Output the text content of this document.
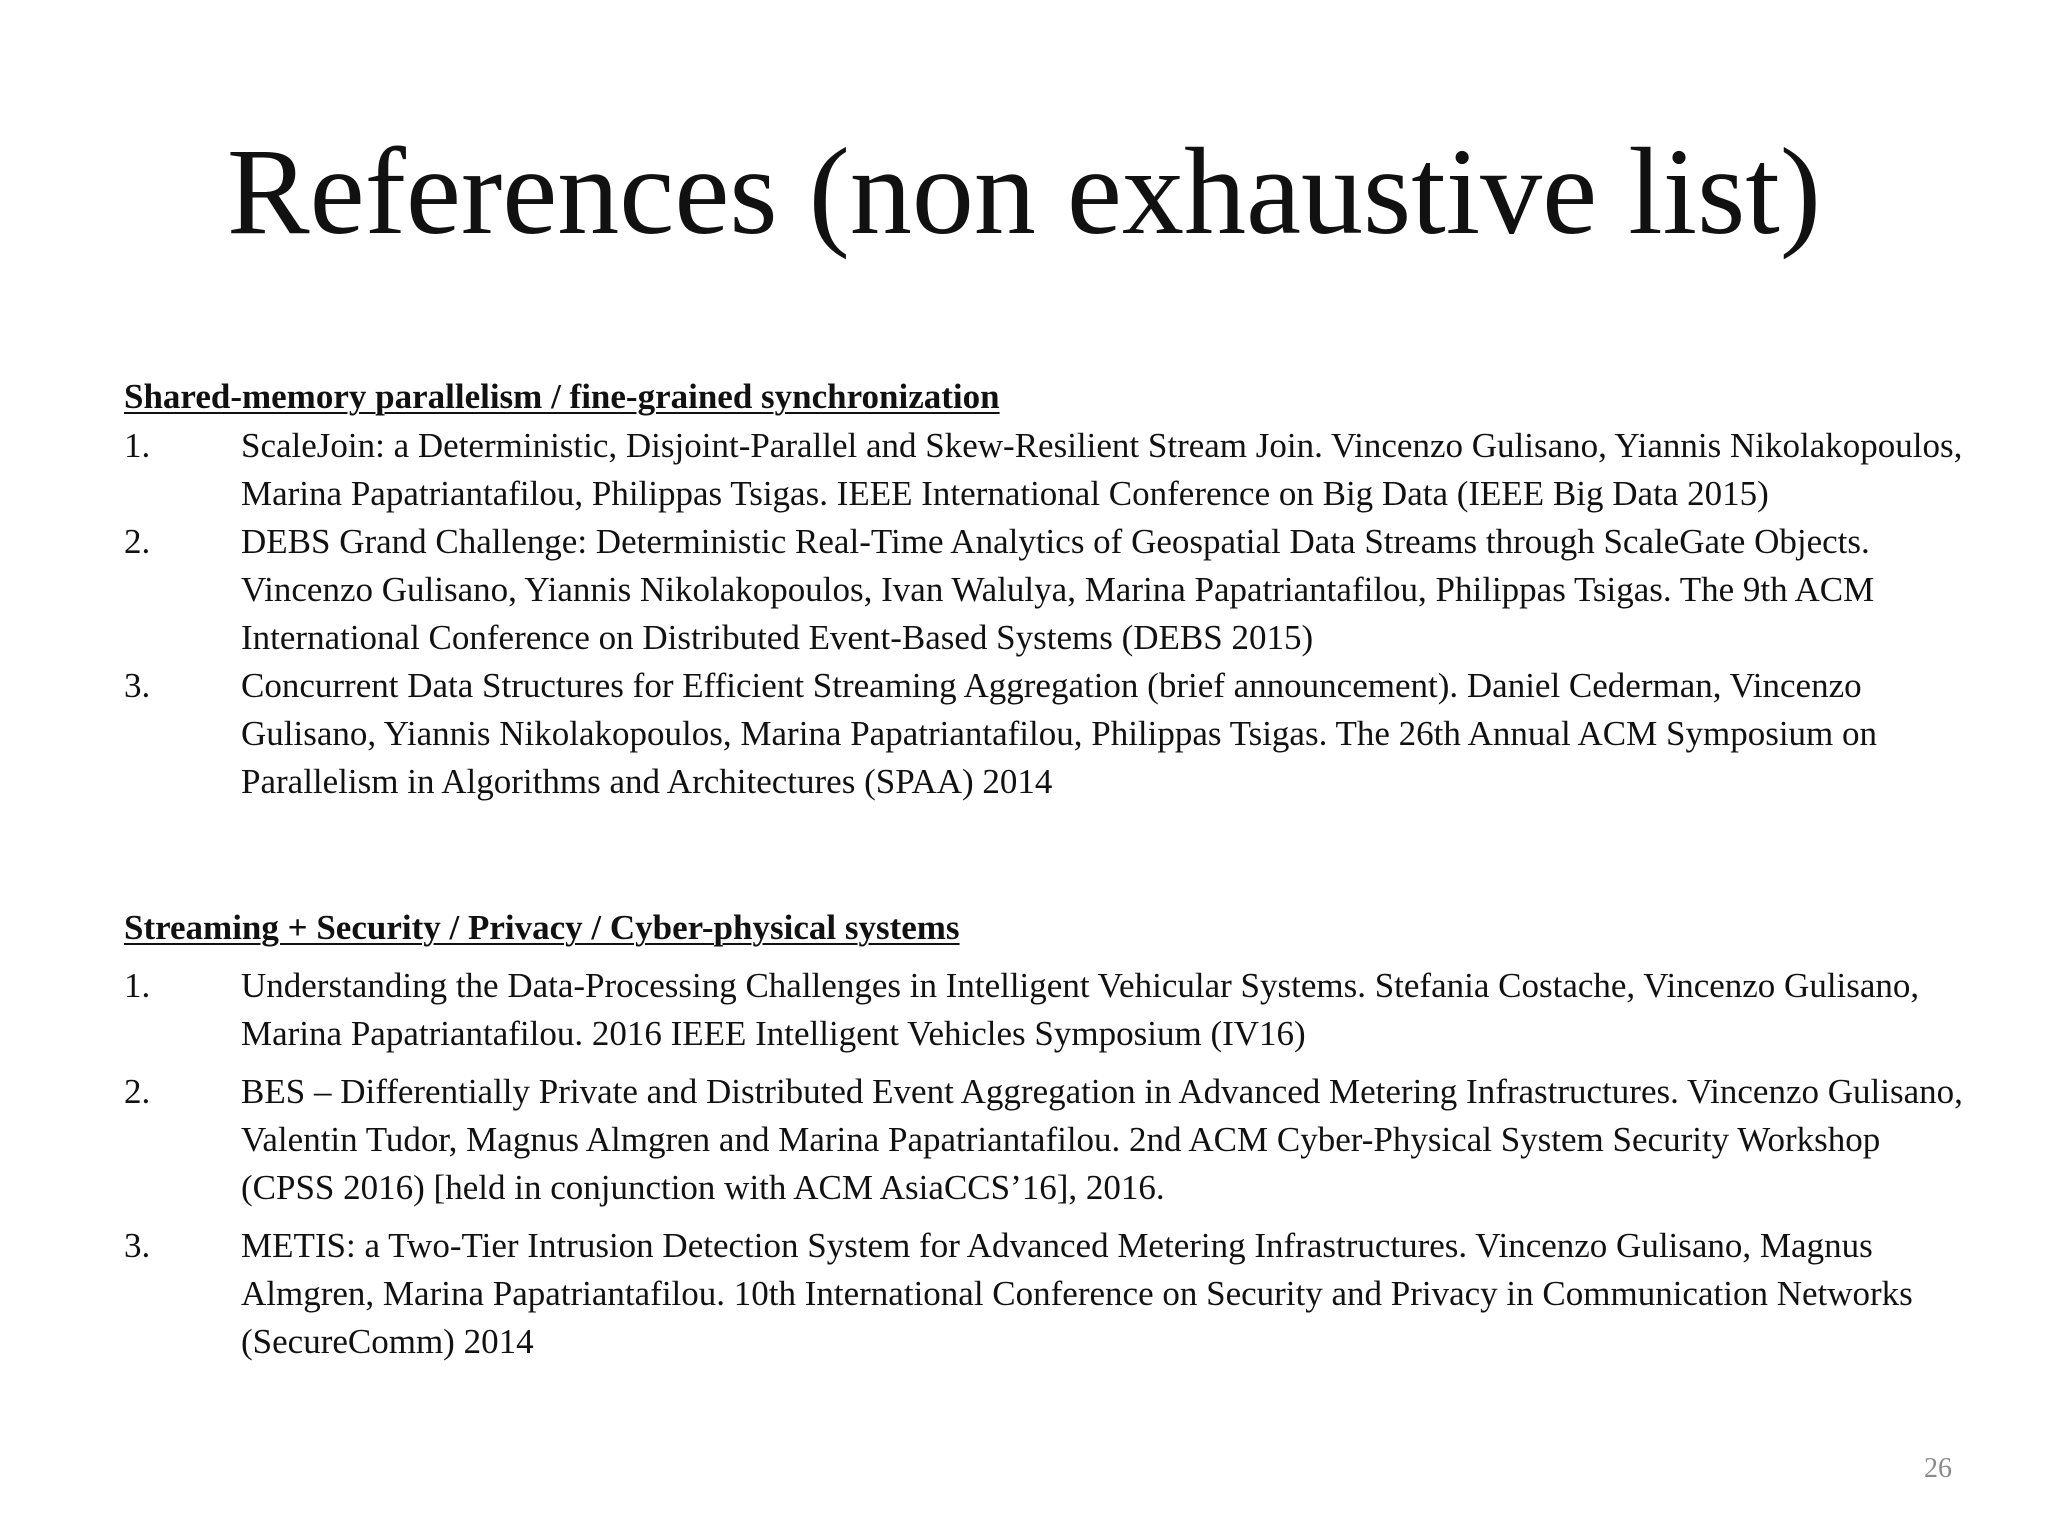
References (non exhaustive list)

Shared-memory parallelism / fine-grained synchronization

1.	ScaleJoin: a Deterministic, Disjoint-Parallel and Skew-Resilient Stream Join. Vincenzo Gulisano, Yiannis Nikolakopoulos, Marina Papatriantafilou, Philippas Tsigas. IEEE International Conference on Big Data (IEEE Big Data 2015)
2.	DEBS Grand Challenge: Deterministic Real-Time Analytics of Geospatial Data Streams through ScaleGate Objects. Vincenzo Gulisano, Yiannis Nikolakopoulos, Ivan Walulya, Marina Papatriantafilou, Philippas Tsigas. The 9th ACM International Conference on Distributed Event-Based Systems (DEBS 2015)
3.	Concurrent Data Structures for Efficient Streaming Aggregation (brief announcement). Daniel Cederman, Vincenzo Gulisano, Yiannis Nikolakopoulos, Marina Papatriantafilou, Philippas Tsigas. The 26th Annual ACM Symposium on Parallelism in Algorithms and Architectures (SPAA) 2014

Streaming + Security / Privacy / Cyber-physical systems

1.	Understanding the Data-Processing Challenges in Intelligent Vehicular Systems. Stefania Costache, Vincenzo Gulisano, Marina Papatriantafilou. 2016 IEEE Intelligent Vehicles Symposium (IV16)
2.	BES – Differentially Private and Distributed Event Aggregation in Advanced Metering Infrastructures. Vincenzo Gulisano, Valentin Tudor, Magnus Almgren and Marina Papatriantafilou. 2nd ACM Cyber-Physical System Security Workshop (CPSS 2016) [held in conjunction with ACM AsiaCCS’16], 2016.
3.	METIS: a Two-Tier Intrusion Detection System for Advanced Metering Infrastructures. Vincenzo Gulisano, Magnus Almgren, Marina Papatriantafilou. 10th International Conference on Security and Privacy in Communication Networks (SecureComm) 2014

26
